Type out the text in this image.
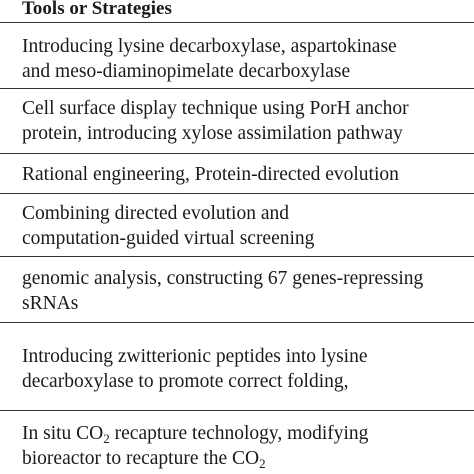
Tools or Strategies
Introducing lysine decarboxylase, aspartokinase
and meso-diaminopimelate decarboxylase
Cell surface display technique using PorH anchor
protein, introducing xylose assimilation pathway
Rational engineering, Protein-directed evolution
Combining directed evolution and
computation-guided virtual screening
genomic analysis, constructing 67 genes-repressing
sRNAs
Introducing zwitterionic peptides into lysine
decarboxylase to promote correct folding,
In situ $CO_2$ recapture technology, modifying
bioreactor to recapture the $CO_2$
